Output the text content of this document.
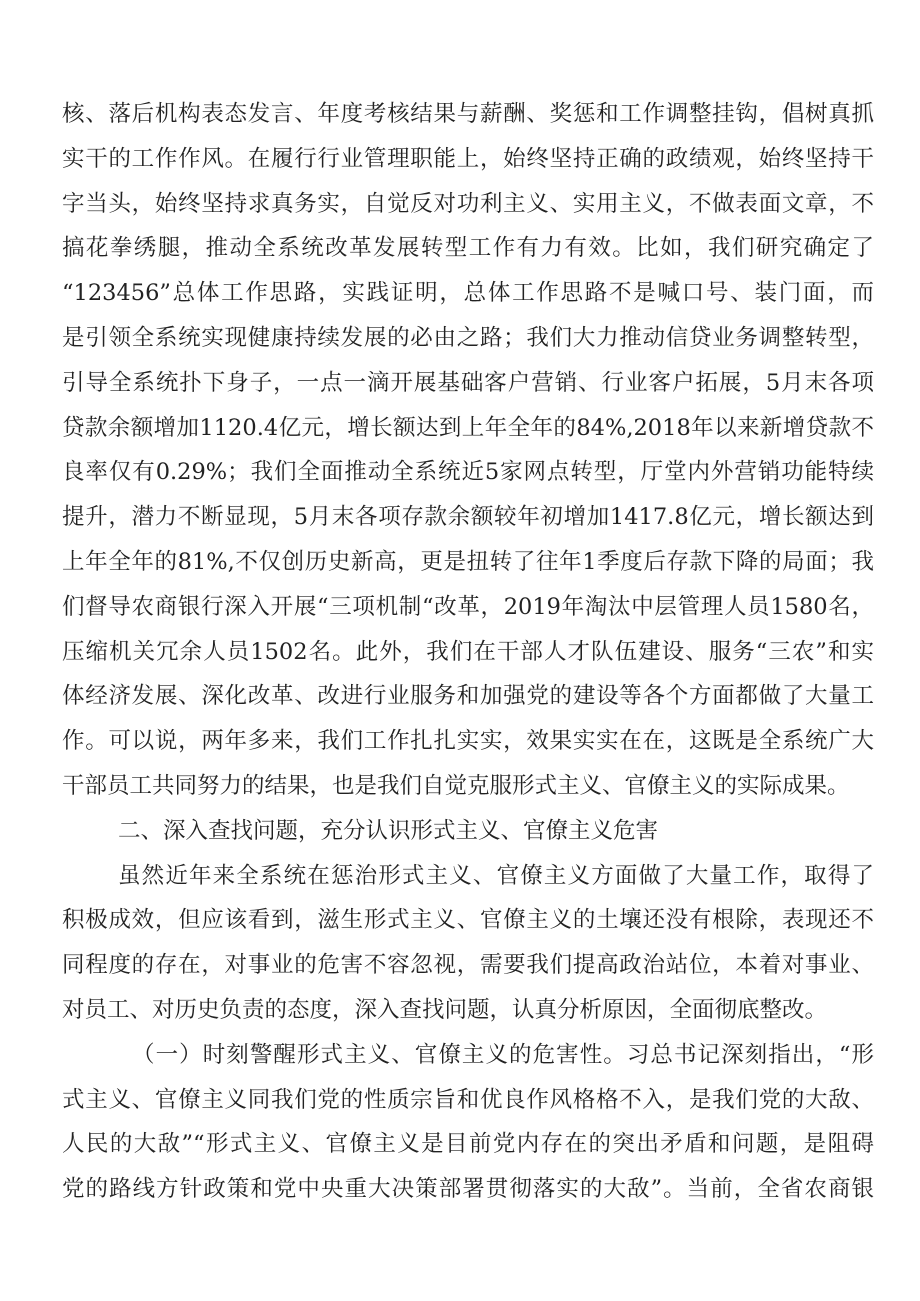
核、落后机构表态发言、年度考核结果与薪酬、奖惩和工作调整挂钩，倡树真抓
实干的工作作风。在履行行业管理职能上，始终坚持正确的政绩观，始终坚持干
字当头，始终坚持求真务实，自觉反对功利主义、实用主义，不做表面文章，不
搞花拳绣腿，推动全系统改革发展转型工作有力有效。比如，我们研究确定了
“123456”总体工作思路，实践证明，总体工作思路不是喊口号、装门面，而
是引领全系统实现健康持续发展的必由之路；我们大力推动信贷业务调整转型，
引导全系统扑下身子，一点一滴开展基础客户营销、行业客户拓展，5月末各项
贷款余额增加1120.4亿元，增长额达到上年全年的84%,2018年以来新增贷款不
良率仅有0.29%；我们全面推动全系统近5家网点转型，厅堂内外营销功能特续
提升，潜力不断显现，5月末各项存款余额较年初增加1417.8亿元，增长额达到
上年全年的81%,不仅创历史新高，更是扭转了往年1季度后存款下降的局面；我
们督导农商银行深入开展“三项机制“改革，2019年淘汰中层管理人员1580名，
压缩机关冗余人员1502名。此外，我们在干部人才队伍建设、服务“三农”和实
体经济发展、深化改革、改进行业服务和加强党的建设等各个方面都做了大量工
作。可以说，两年多来，我们工作扎扎实实，效果实实在在，这既是全系统广大
干部员工共同努力的结果，也是我们自觉克服形式主义、官僚主义的实际成果。
二、深入查找问题，充分认识形式主义、官僚主义危害
虽然近年来全系统在惩治形式主义、官僚主义方面做了大量工作，取得了
积极成效，但应该看到，滋生形式主义、官僚主义的土壤还没有根除，表现还不
同程度的存在，对事业的危害不容忽视，需要我们提高政治站位，本着对事业、
对员工、对历史负责的态度，深入查找问题，认真分析原因，全面彻底整改。
（一）时刻警醒形式主义、官僚主义的危害性。习总书记深刻指出，“形
式主义、官僚主义同我们党的性质宗旨和优良作风格格不入，是我们党的大敌、
人民的大敌”“形式主义、官僚主义是目前党内存在的突出矛盾和问题，是阻碍
党的路线方针政策和党中央重大决策部署贯彻落实的大敌”。当前，全省农商银
